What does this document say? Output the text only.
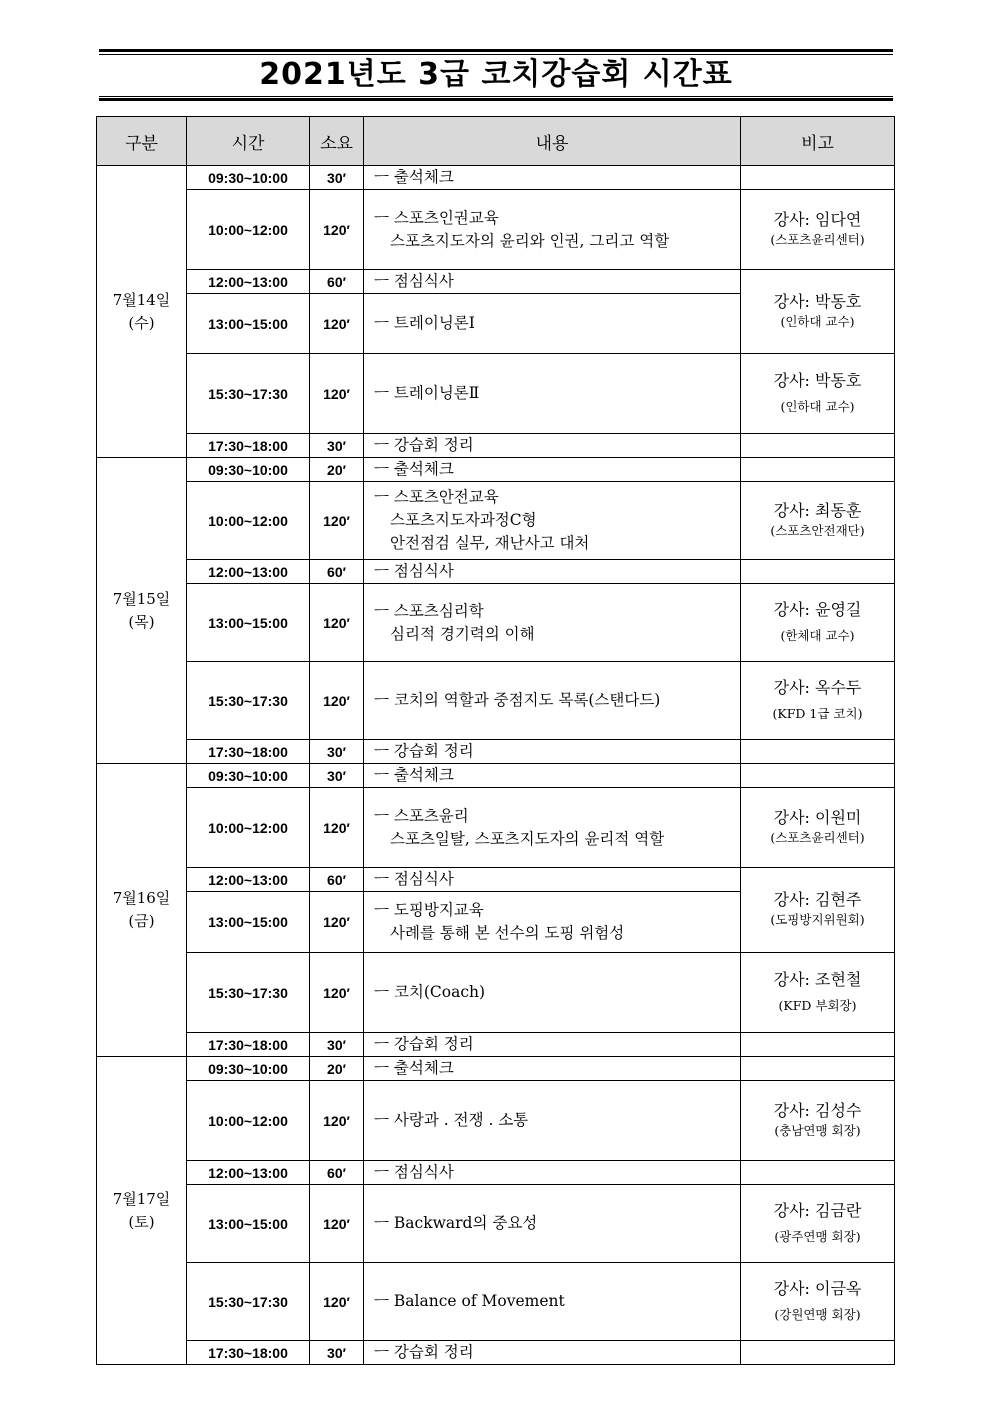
2021년도 3급 코치강습회 시간표
구분	시간	소요	내용	비고

7월14일
(수)	09:30~10:00	30′	ㅡ 출석체크	

	10:00~12:00	120′	ㅡ 스포츠인권교육
스포츠지도자의 윤리와 인권, 그리고 역할	강사: 임다연
(스포츠윤리센터)

	12:00~13:00	60′	ㅡ 점심식사	강사: 박동호
(인하대 교수)

	13:00~15:00	120′	ㅡ 트레이닝론Ⅰ	

	15:30~17:30	120′	ㅡ 트레이닝론Ⅱ	강사: 박동호
(인하대 교수)

	17:30~18:00	30′	ㅡ 강습회 정리	

7월15일
(목)	09:30~10:00	20′	ㅡ 출석체크	

	10:00~12:00	120′	ㅡ 스포츠안전교육
스포츠지도자과정C형
안전점검 실무, 재난사고 대처	강사: 최동훈
(스포츠안전재단)

	12:00~13:00	60′	ㅡ 점심식사	

	13:00~15:00	120′	ㅡ 스포츠심리학
심리적 경기력의 이해	강사: 윤영길
(한체대 교수)

	15:30~17:30	120′	ㅡ 코치의 역할과 중점지도 목록(스탠다드)	강사: 옥수두
(KFD 1급 코치)

	17:30~18:00	30′	ㅡ 강습회 정리	

7월16일
(금)	09:30~10:00	30′	ㅡ 출석체크	

	10:00~12:00	120′	ㅡ 스포츠윤리
스포츠일탈, 스포츠지도자의 윤리적 역할	강사: 이원미
(스포츠윤리센터)

	12:00~13:00	60′	ㅡ 점심식사	강사: 김현주
(도핑방지위원회)

	13:00~15:00	120′	ㅡ 도핑방지교육
사례를 통해 본 선수의 도핑 위험성	

	15:30~17:30	120′	ㅡ 코치(Coach)	강사: 조현철
(KFD 부회장)

	17:30~18:00	30′	ㅡ 강습회 정리	

7월17일
(토)	09:30~10:00	20′	ㅡ 출석체크	

	10:00~12:00	120′	ㅡ 사랑과 . 전쟁 . 소통	강사: 김성수
(충남연맹 회장)

	12:00~13:00	60′	ㅡ 점심식사	

	13:00~15:00	120′	ㅡ Backward의 중요성	강사: 김금란
(광주연맹 회장)

	15:30~17:30	120′	ㅡ Balance of Movement	강사: 이금옥
(강원연맹 회장)

	17:30~18:00	30′	ㅡ 강습회 정리	
